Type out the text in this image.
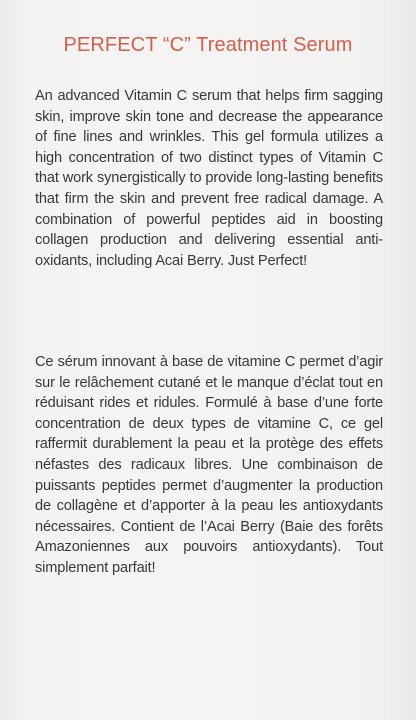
PERFECT “C” Treatment Serum

An advanced Vitamin C serum that helps firm sagging skin, improve skin tone and decrease the appearance of fine lines and wrinkles. This gel formula utilizes a high concentration of two distinct types of Vitamin C that work synergistically to provide long-lasting benefits that firm the skin and prevent free radical damage. A combination of powerful peptides aid in boosting collagen production and delivering essential anti-oxidants, including Acai Berry. Just Perfect!

Ce sérum innovant à base de vitamine C permet d’agir sur le relâchement cutané et le manque d’éclat tout en réduisant rides et ridules. Formulé à base d’une forte concentration de deux types de vitamine C, ce gel raffermit durablement la peau et la protège des effets néfastes des radicaux libres. Une combinaison de puissants peptides permet d’augmenter la production de collagène et d’apporter à la peau les antioxydants nécessaires. Contient de l’Acai Berry (Baie des forêts Amazoniennes aux pouvoirs antioxydants). Tout simplement parfait!
